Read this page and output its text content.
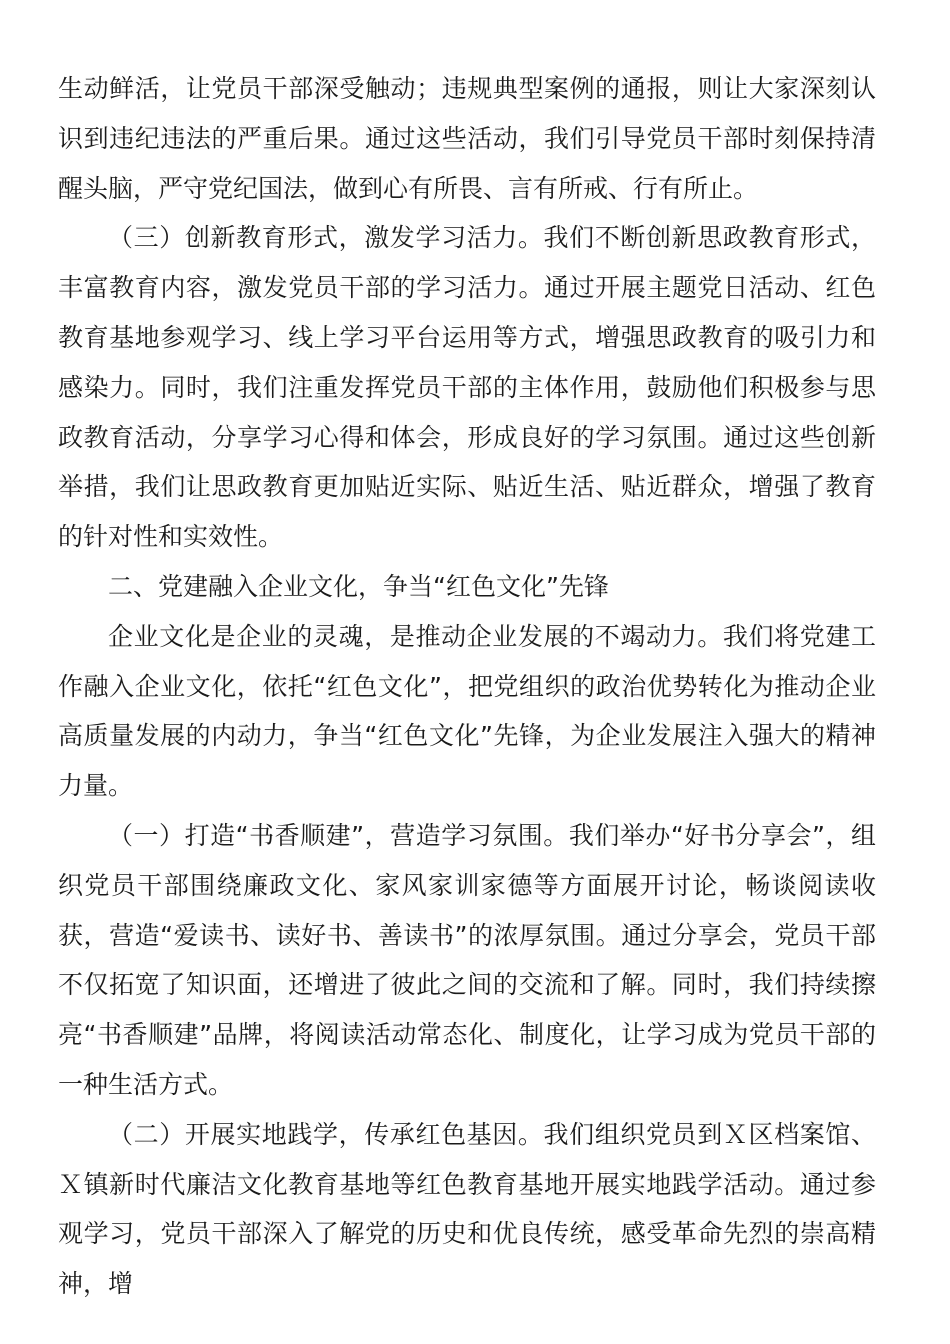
生动鲜活，让党员干部深受触动；违规典型案例的通报，则让大家深刻认识到违纪违法的严重后果。通过这些活动，我们引导党员干部时刻保持清醒头脑，严守党纪国法，做到心有所畏、言有所戒、行有所止。

（三）创新教育形式，激发学习活力。我们不断创新思政教育形式，丰富教育内容，激发党员干部的学习活力。通过开展主题党日活动、红色教育基地参观学习、线上学习平台运用等方式，增强思政教育的吸引力和感染力。同时，我们注重发挥党员干部的主体作用，鼓励他们积极参与思政教育活动，分享学习心得和体会，形成良好的学习氛围。通过这些创新举措，我们让思政教育更加贴近实际、贴近生活、贴近群众，增强了教育的针对性和实效性。

二、党建融入企业文化，争当“红色文化”先锋

企业文化是企业的灵魂，是推动企业发展的不竭动力。我们将党建工作融入企业文化，依托“红色文化”，把党组织的政治优势转化为推动企业高质量发展的内动力，争当“红色文化”先锋，为企业发展注入强大的精神力量。

（一）打造“书香顺建”，营造学习氛围。我们举办“好书分享会”，组织党员干部围绕廉政文化、家风家训家德等方面展开讨论，畅谈阅读收获，营造“爱读书、读好书、善读书”的浓厚氛围。通过分享会，党员干部不仅拓宽了知识面，还增进了彼此之间的交流和了解。同时，我们持续擦亮“书香顺建”品牌，将阅读活动常态化、制度化，让学习成为党员干部的一种生活方式。

（二）开展实地践学，传承红色基因。我们组织党员到Ｘ区档案馆、Ｘ镇新时代廉洁文化教育基地等红色教育基地开展实地践学活动。通过参观学习，党员干部深入了解党的历史和优良传统，感受革命先烈的崇高精神，增
